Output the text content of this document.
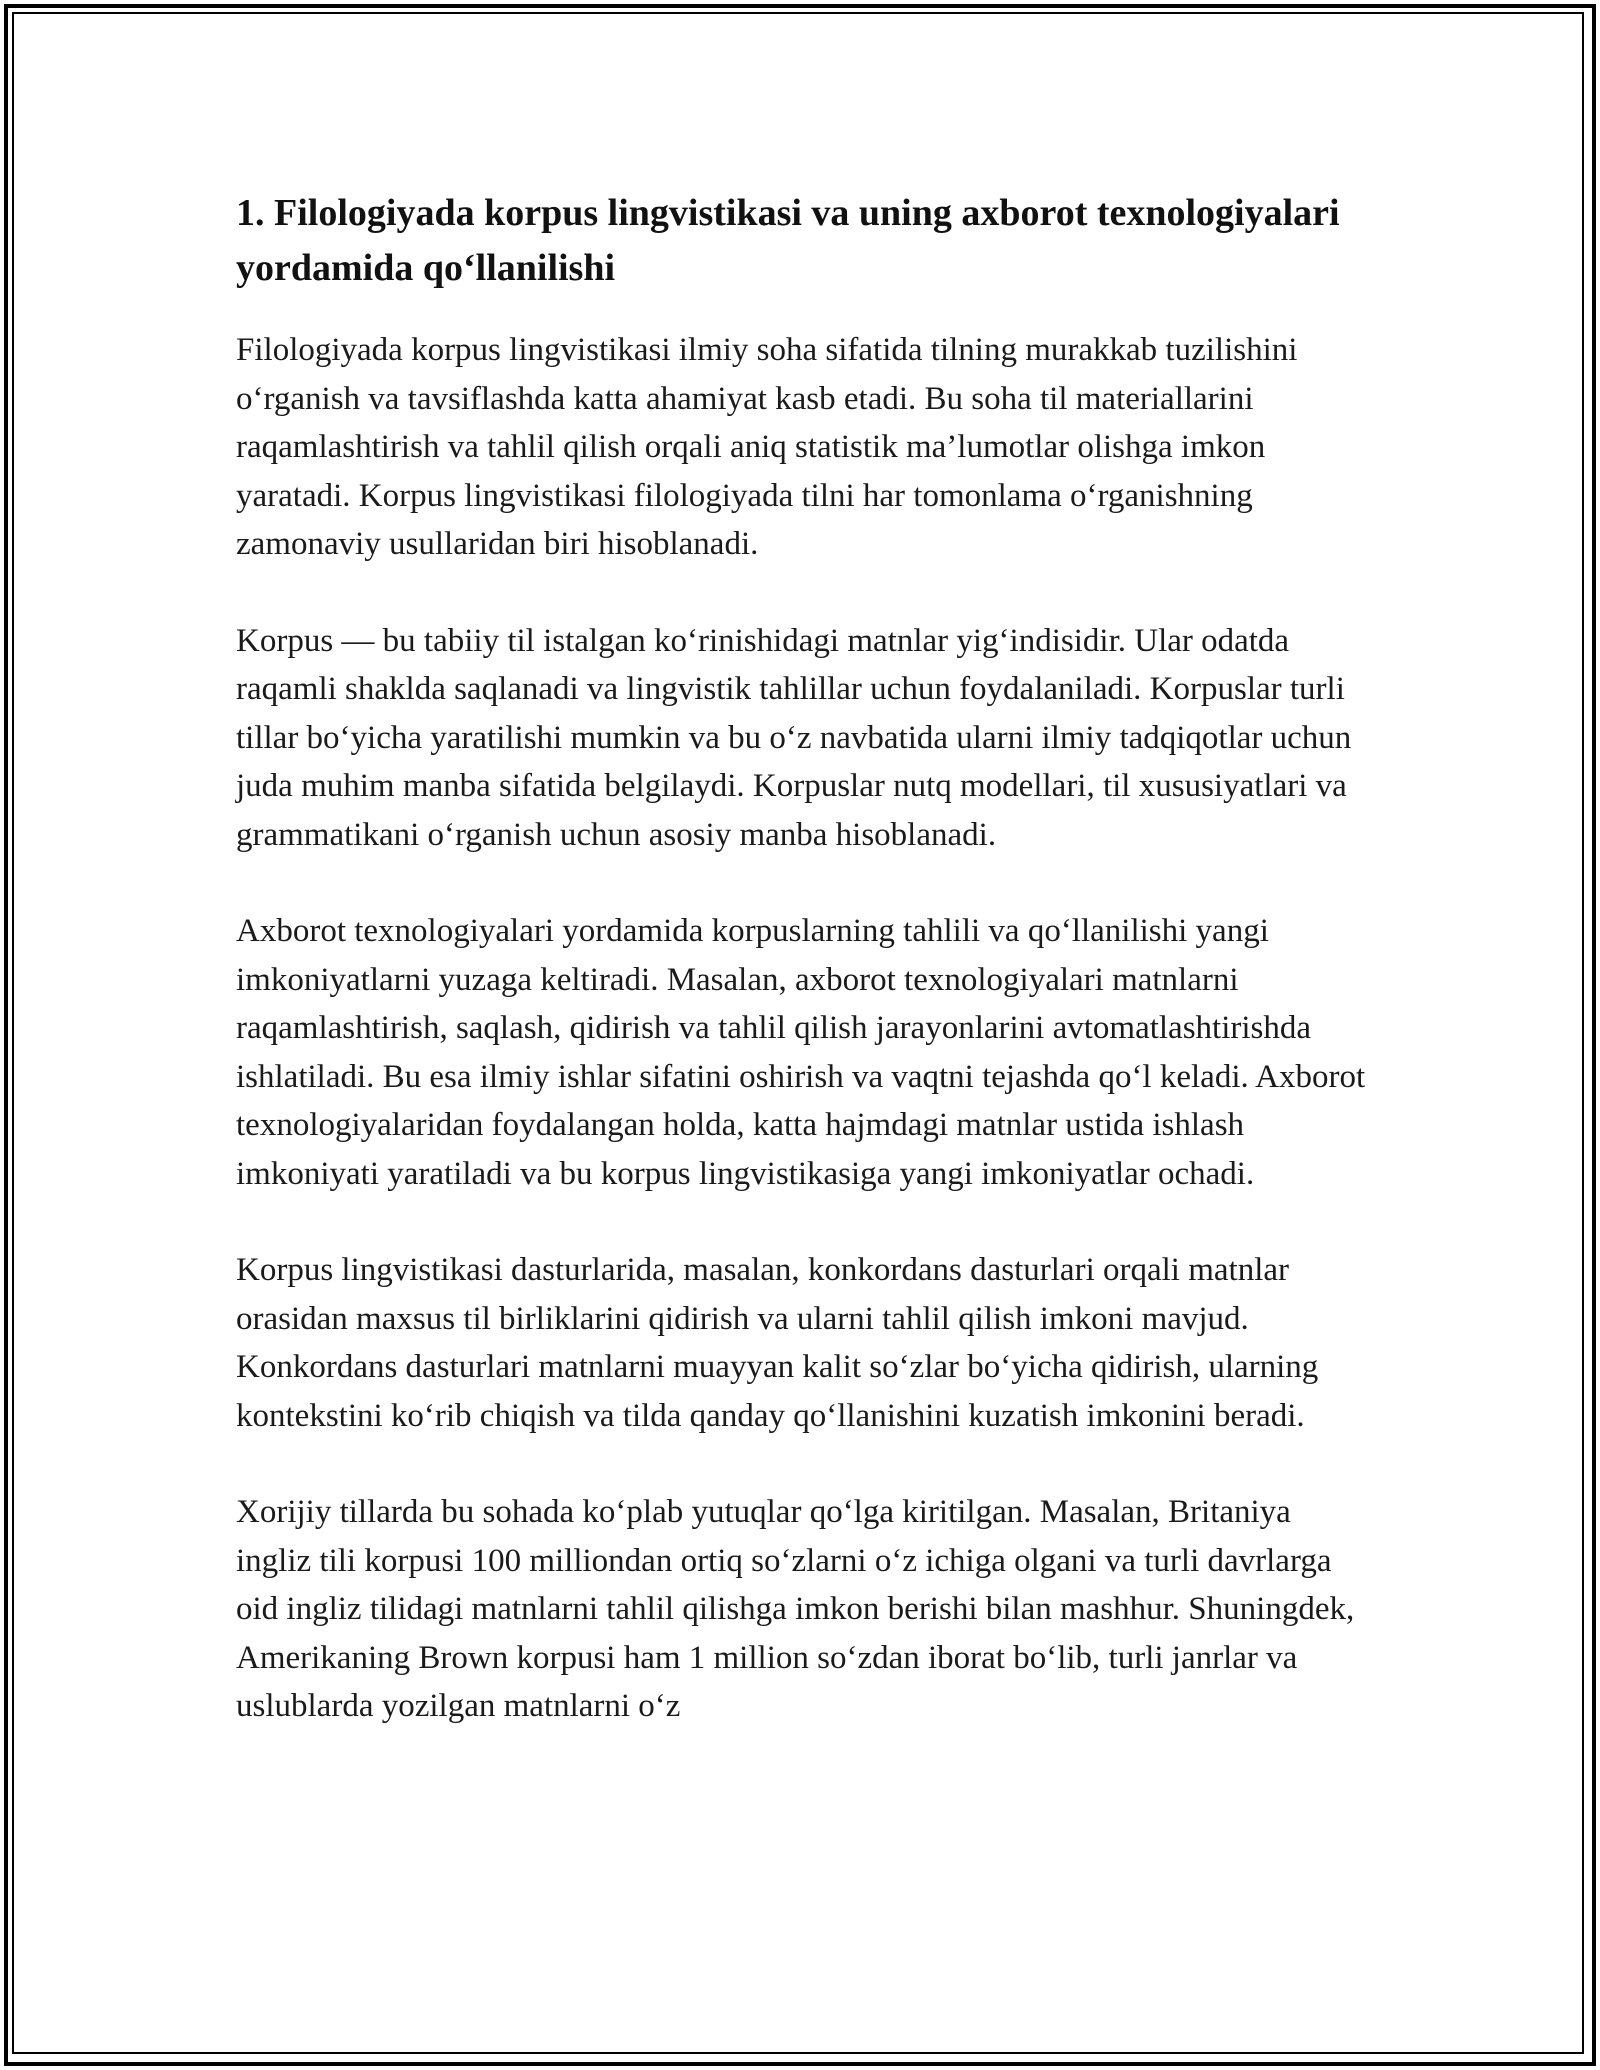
1. Filologiyada korpus lingvistikasi va uning axborot texnologiyalari yordamida qo‘llanilishi

Filologiyada korpus lingvistikasi ilmiy soha sifatida tilning murakkab tuzilishini o‘rganish va tavsiflashda katta ahamiyat kasb etadi. Bu soha til materiallarini raqamlashtirish va tahlil qilish orqali aniq statistik ma’lumotlar olishga imkon yaratadi. Korpus lingvistikasi filologiyada tilni har tomonlama o‘rganishning zamonaviy usullaridan biri hisoblanadi.

Korpus — bu tabiiy til istalgan ko‘rinishidagi matnlar yig‘indisidir. Ular odatda raqamli shaklda saqlanadi va lingvistik tahlillar uchun foydalaniladi. Korpuslar turli tillar bo‘yicha yaratilishi mumkin va bu o‘z navbatida ularni ilmiy tadqiqotlar uchun juda muhim manba sifatida belgilaydi. Korpuslar nutq modellari, til xususiyatlari va grammatikani o‘rganish uchun asosiy manba hisoblanadi.

Axborot texnologiyalari yordamida korpuslarning tahlili va qo‘llanilishi yangi imkoniyatlarni yuzaga keltiradi. Masalan, axborot texnologiyalari matnlarni raqamlashtirish, saqlash, qidirish va tahlil qilish jarayonlarini avtomatlashtirishda ishlatiladi. Bu esa ilmiy ishlar sifatini oshirish va vaqtni tejashda qo‘l keladi. Axborot texnologiyalaridan foydalangan holda, katta hajmdagi matnlar ustida ishlash imkoniyati yaratiladi va bu korpus lingvistikasiga yangi imkoniyatlar ochadi.

Korpus lingvistikasi dasturlarida, masalan, konkordans dasturlari orqali matnlar orasidan maxsus til birliklarini qidirish va ularni tahlil qilish imkoni mavjud. Konkordans dasturlari matnlarni muayyan kalit so‘zlar bo‘yicha qidirish, ularning kontekstini ko‘rib chiqish va tilda qanday qo‘llanishini kuzatish imkonini beradi.

Xorijiy tillarda bu sohada ko‘plab yutuqlar qo‘lga kiritilgan. Masalan, Britaniya ingliz tili korpusi 100 milliondan ortiq so‘zlarni o‘z ichiga olgani va turli davrlarga oid ingliz tilidagi matnlarni tahlil qilishga imkon berishi bilan mashhur. Shuningdek, Amerikaning Brown korpusi ham 1 million so‘zdan iborat bo‘lib, turli janrlar va uslublarda yozilgan matnlarni o‘z
